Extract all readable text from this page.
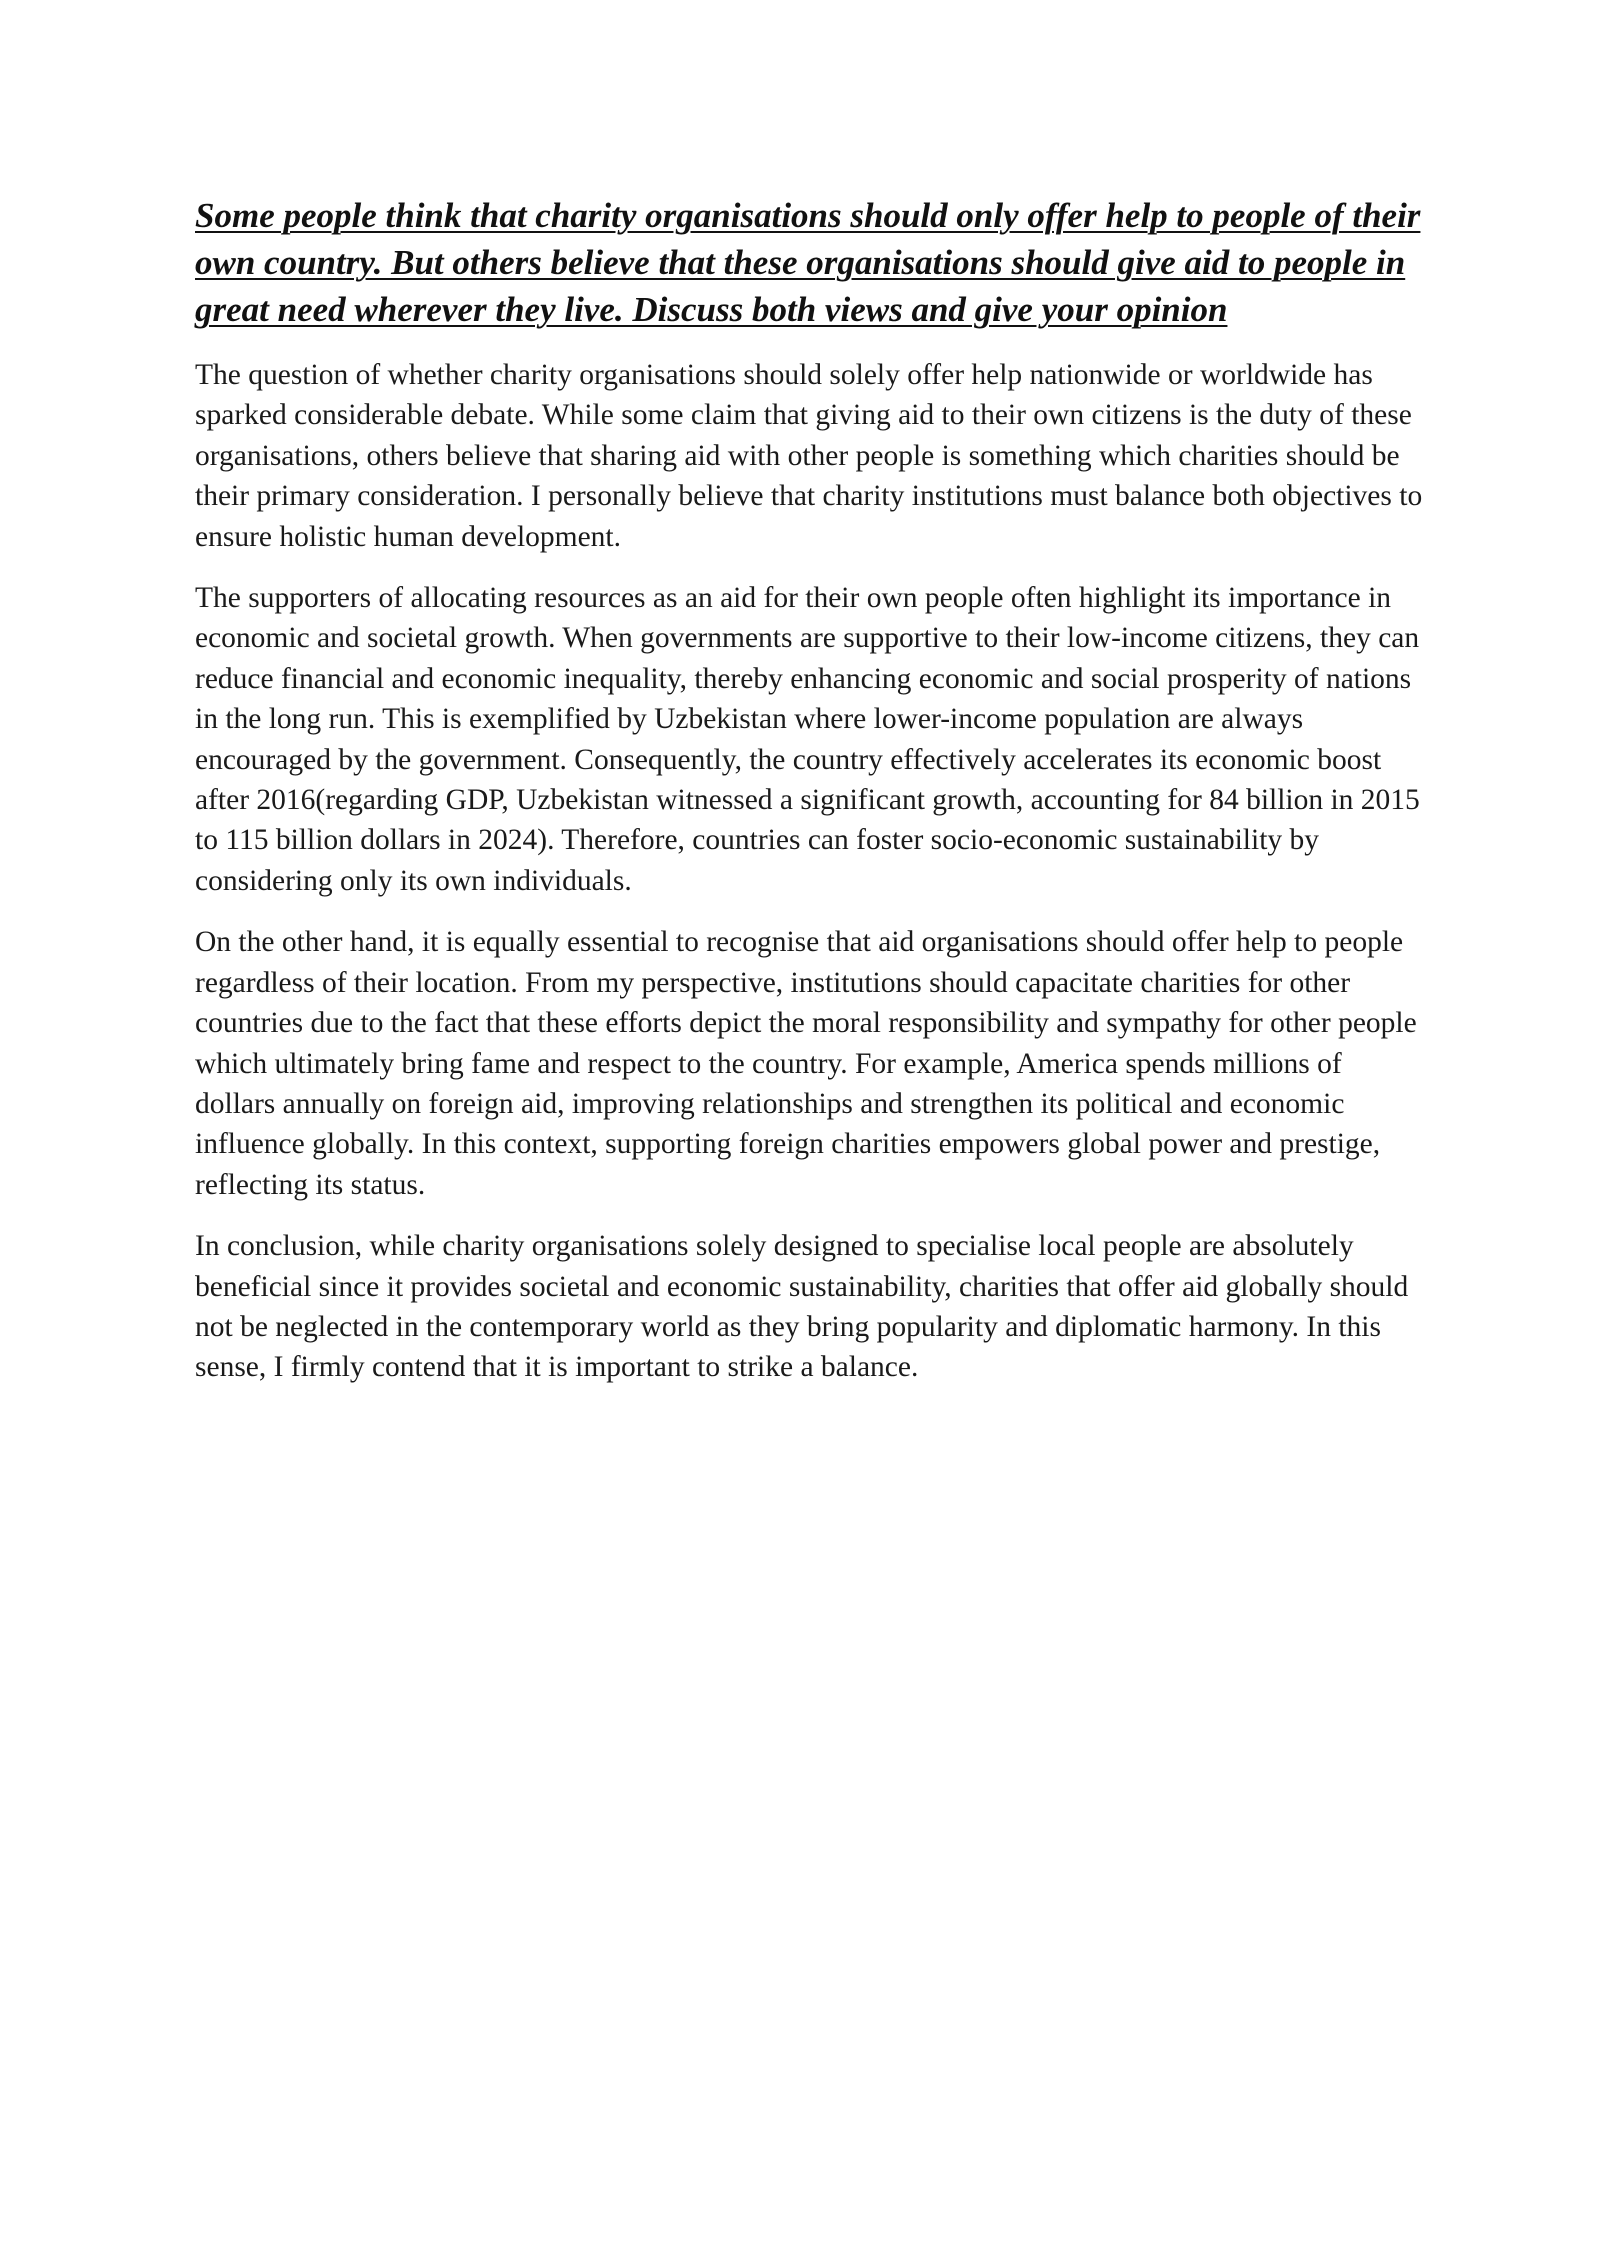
Some people think that charity organisations should only offer help to people of their own country. But others believe that these organisations should give aid to people in great need wherever they live. Discuss both views and give your opinion

The question of whether charity organisations should solely offer help nationwide or worldwide has sparked considerable debate. While some claim that giving aid to their own citizens is the duty of these organisations, others believe that sharing aid with other people is something which charities should be their primary consideration. I personally believe that charity institutions must balance both objectives to ensure holistic human development.

The supporters of allocating resources as an aid for their own people often highlight its importance in economic and societal growth. When governments are supportive to their low-income citizens, they can reduce financial and economic inequality, thereby enhancing economic and social prosperity of nations in the long run. This is exemplified by Uzbekistan where lower-income population are always encouraged by the government. Consequently, the country effectively accelerates its economic boost after 2016(regarding GDP, Uzbekistan witnessed a significant growth, accounting for 84 billion in 2015 to 115 billion dollars in 2024). Therefore, countries can foster socio-economic sustainability by considering only its own individuals.

On the other hand, it is equally essential to recognise that aid organisations should offer help to people regardless of their location. From my perspective, institutions should capacitate charities for other countries due to the fact that these efforts depict the moral responsibility and sympathy for other people which ultimately bring fame and respect to the country. For example, America spends millions of dollars annually on foreign aid, improving relationships and strengthen its political and economic influence globally. In this context, supporting foreign charities empowers global power and prestige, reflecting its status.

In conclusion, while charity organisations solely designed to specialise local people are absolutely beneficial since it provides societal and economic sustainability, charities that offer aid globally should not be neglected in the contemporary world as they bring popularity and diplomatic harmony. In this sense, I firmly contend that it is important to strike a balance.
